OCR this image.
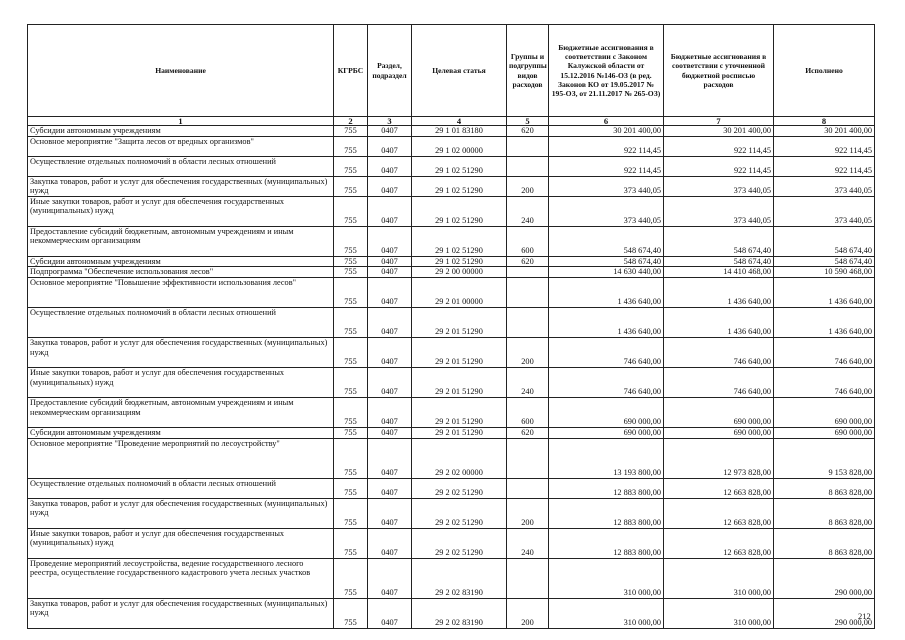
Наименование	КГРБС	Раздел, подраздел	Целевая статья	Группы и подгруппы видов расходов	Бюджетные ассигнования в соответствии с Законом Калужской области от 15.12.2016 №146-ОЗ (в ред. Законов КО от 19.05.2017 № 195-ОЗ, от 21.11.2017 № 265-ОЗ)	Бюджетные ассигнования в соответствии с уточненной бюджетной росписью расходов	Исполнено
1	2	3	4	5	6	7	8
Субсидии автономным учреждениям	755	0407	29 1 01 83180	620	30 201 400,00	30 201 400,00	30 201 400,00
Основное мероприятие "Защита лесов от вредных организмов"	755	0407	29 1 02 00000		922 114,45	922 114,45	922 114,45
Осуществление отдельных полномочий в области лесных отношений	755	0407	29 1 02 51290		922 114,45	922 114,45	922 114,45
Закупка товаров, работ и услуг для обеспечения государственных (муниципальных) нужд	755	0407	29 1 02 51290	200	373 440,05	373 440,05	373 440,05
Иные закупки товаров, работ и услуг для обеспечения государственных (муниципальных) нужд	755	0407	29 1 02 51290	240	373 440,05	373 440,05	373 440,05
Предоставление субсидий бюджетным, автономным учреждениям и иным некоммерческим организациям	755	0407	29 1 02 51290	600	548 674,40	548 674,40	548 674,40
Субсидии автономным учреждениям	755	0407	29 1 02 51290	620	548 674,40	548 674,40	548 674,40
Подпрограмма "Обеспечение использования лесов"	755	0407	29 2 00 00000		14 630 440,00	14 410 468,00	10 590 468,00
Основное мероприятие "Повышение эффективности использования лесов"	755	0407	29 2 01 00000		1 436 640,00	1 436 640,00	1 436 640,00
Осуществление отдельных полномочий в области лесных отношений	755	0407	29 2 01 51290		1 436 640,00	1 436 640,00	1 436 640,00
Закупка товаров, работ и услуг для обеспечения государственных (муниципальных) нужд	755	0407	29 2 01 51290	200	746 640,00	746 640,00	746 640,00
Иные закупки товаров, работ и услуг для обеспечения государственных (муниципальных) нужд	755	0407	29 2 01 51290	240	746 640,00	746 640,00	746 640,00
Предоставление субсидий бюджетным, автономным учреждениям и иным некоммерческим организациям	755	0407	29 2 01 51290	600	690 000,00	690 000,00	690 000,00
Субсидии автономным учреждениям	755	0407	29 2 01 51290	620	690 000,00	690 000,00	690 000,00
Основное мероприятие "Проведение мероприятий по лесоустройству"	755	0407	29 2 02 00000		13 193 800,00	12 973 828,00	9 153 828,00
Осуществление отдельных полномочий в области лесных отношений	755	0407	29 2 02 51290		12 883 800,00	12 663 828,00	8 863 828,00
Закупка товаров, работ и услуг для обеспечения государственных (муниципальных) нужд	755	0407	29 2 02 51290	200	12 883 800,00	12 663 828,00	8 863 828,00
Иные закупки товаров, работ и услуг для обеспечения государственных (муниципальных) нужд	755	0407	29 2 02 51290	240	12 883 800,00	12 663 828,00	8 863 828,00
Проведение мероприятий лесоустройства, ведение государственного лесного реестра, осуществление государственного кадастрового учета лесных участков	755	0407	29 2 02 83190		310 000,00	310 000,00	290 000,00
Закупка товаров, работ и услуг для обеспечения государственных (муниципальных) нужд	755	0407	29 2 02 83190	200	310 000,00	310 000,00	290 000,00
212
